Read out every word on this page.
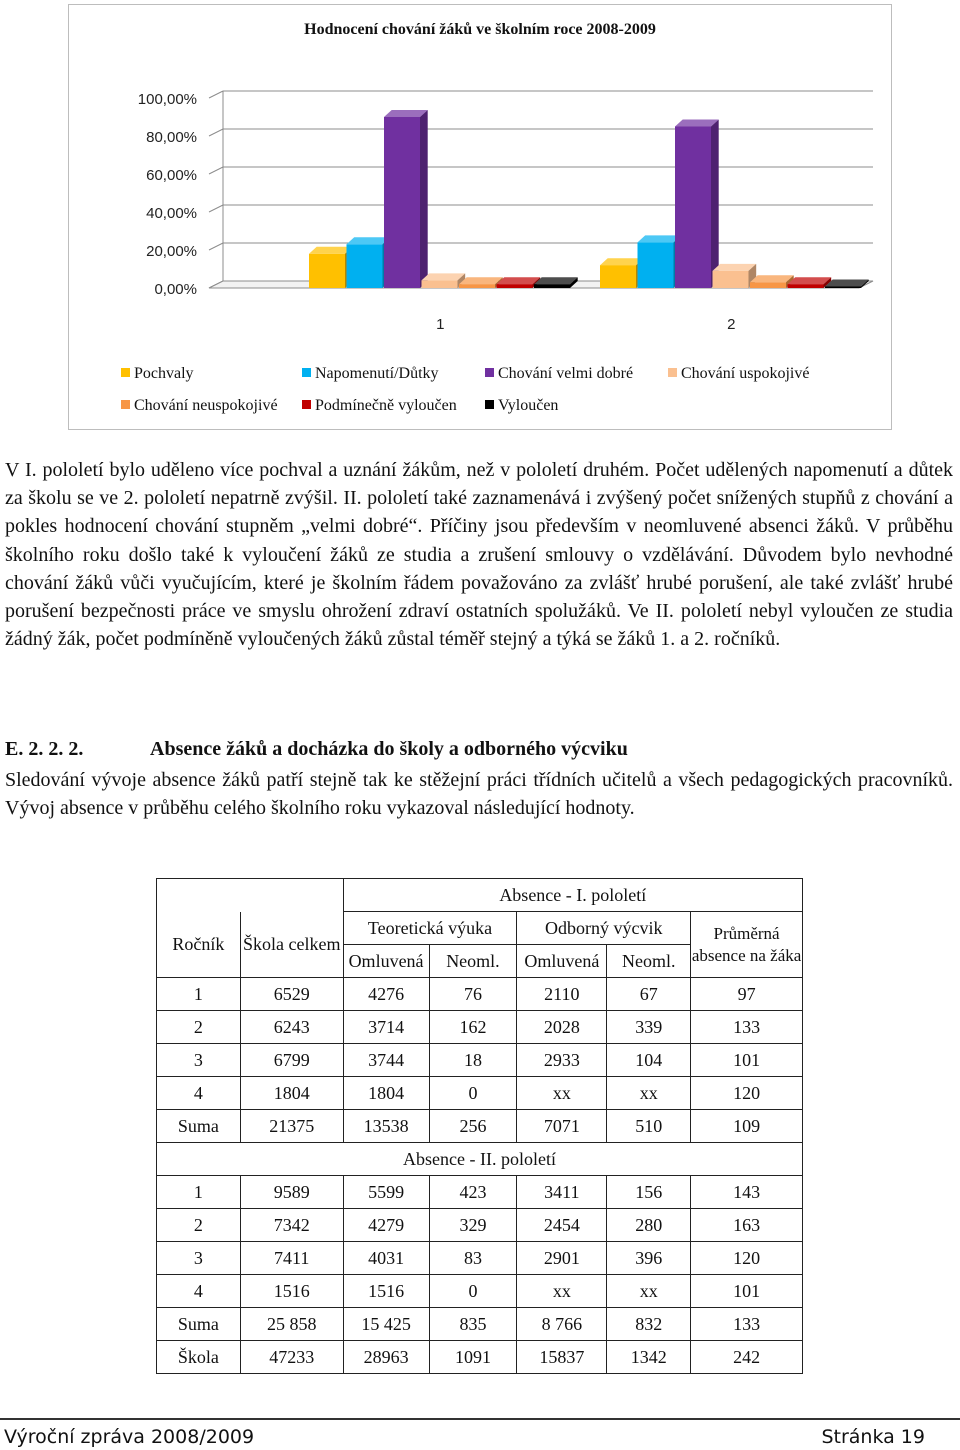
0,00%
20,00%
40,00%
60,00%
80,00%
100,00%
1	2
Hodnocení chování žáků ve školním roce 2008-2009
Pochvaly	Napomenutí/Důtky	Chování velmi dobré	Chování uspokojivé
Chování neuspokojivé	Podmínečně vyloučen	Vyloučen
V I. pololetí bylo uděleno více pochval a uznání žákům, než v pololetí druhém. Počet udělených napomenutí a důtek za školu se ve 2. pololetí nepatrně zvýšil. II. pololetí také zaznamenává i zvýšený počet snížených stupňů z chování a pokles hodnocení chování stupněm „velmi dobré“. Příčiny jsou především v neomluvené absenci žáků. V průběhu školního roku došlo také k vyloučení žáků ze studia a zrušení smlouvy o vzdělávání. Důvodem bylo nevhodné chování žáků vůči vyučujícím, které je školním řádem považováno za zvlášť hrubé porušení, ale také zvlášť hrubé porušení bezpečnosti práce ve smyslu ohrožení zdraví ostatních spolužáků. Ve II. pololetí nebyl vyloučen ze studia žádný žák, počet podmíněně vyloučených žáků zůstal téměř stejný a týká se žáků 1. a 2. ročníků.
E. 2. 2. 2.	Absence žáků a docházka do školy a odborného výcviku
Sledování vývoje absence žáků patří stejně tak ke stěžejní práci třídních učitelů a všech pedagogických pracovníků. Vývoj absence v průběhu celého školního roku vykazoval následující hodnoty.
		Absence - I. pololetí				
Ročník	Škola celkem	Teoretická výuka		Odborný výcvik		Průměrná absence na žáka
		Omluvená	Neoml.	Omluvená	Neoml.	
1	6529	4276	76	2110	67	97
2	6243	3714	162	2028	339	133
3	6799	3744	18	2933	104	101
4	1804	1804	0	xx	xx	120
Suma	21375	13538	256	7071	510	109
Absence - II. pololetí						
1	9589	5599	423	3411	156	143
2	7342	4279	329	2454	280	163
3	7411	4031	83	2901	396	120
4	1516	1516	0	xx	xx	101
Suma	25 858	15 425	835	8 766	832	133
Škola	47233	28963	1091	15837	1342	242
Výroční zpráva 2008/2009	Stránka 19
